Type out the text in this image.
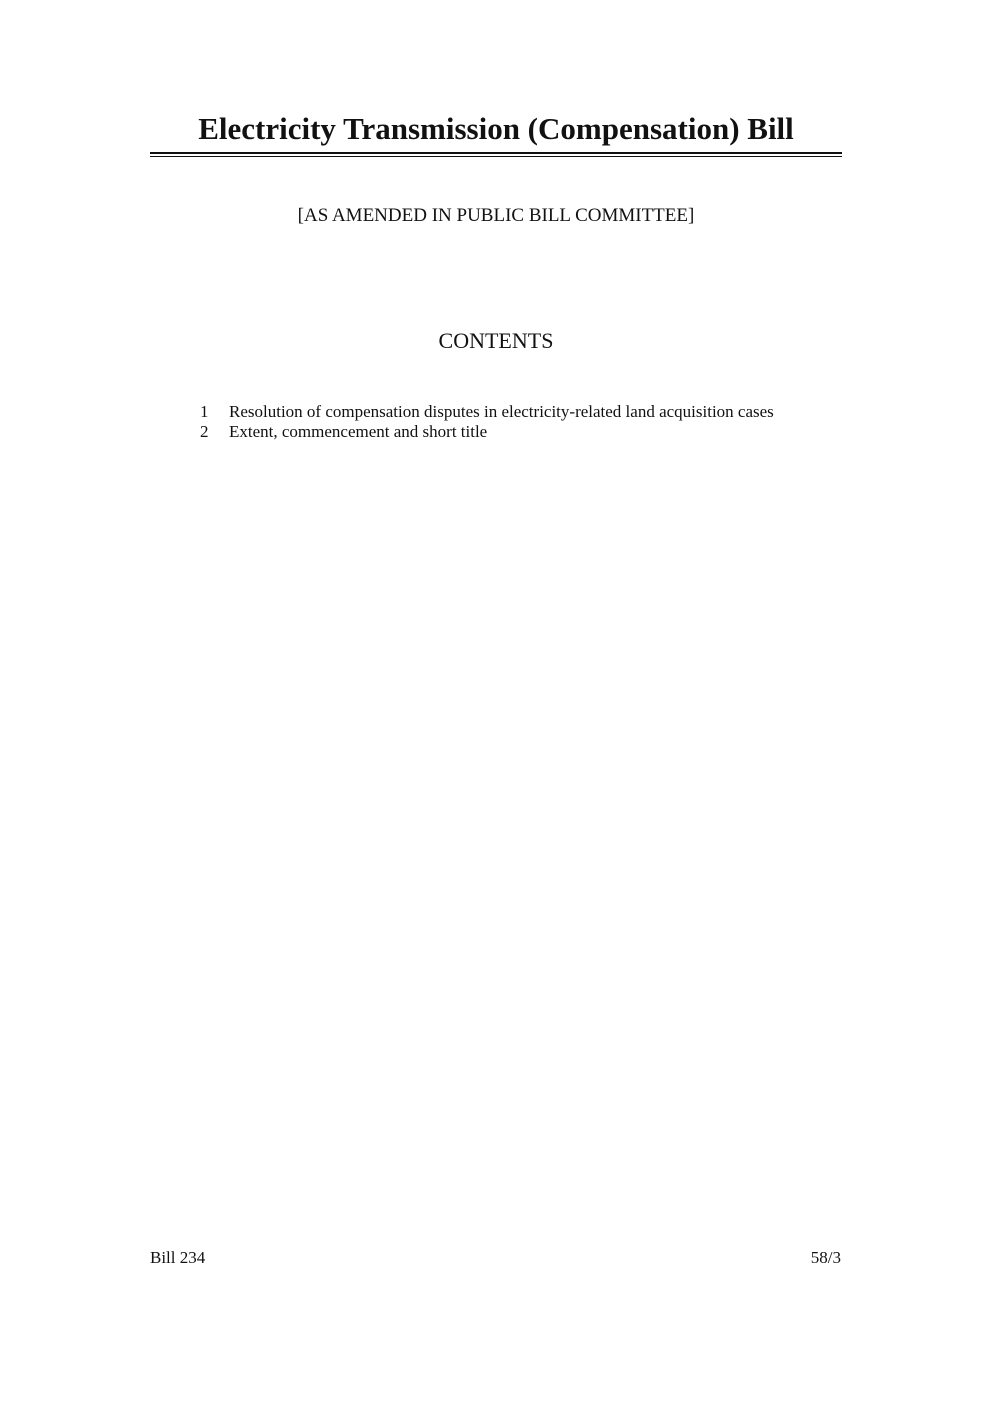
Electricity Transmission (Compensation) Bill
[AS AMENDED IN PUBLIC BILL COMMITTEE]
CONTENTS
1	Resolution of compensation disputes in electricity-related land acquisition cases
2	Extent, commencement and short title
Bill 234	58/3
